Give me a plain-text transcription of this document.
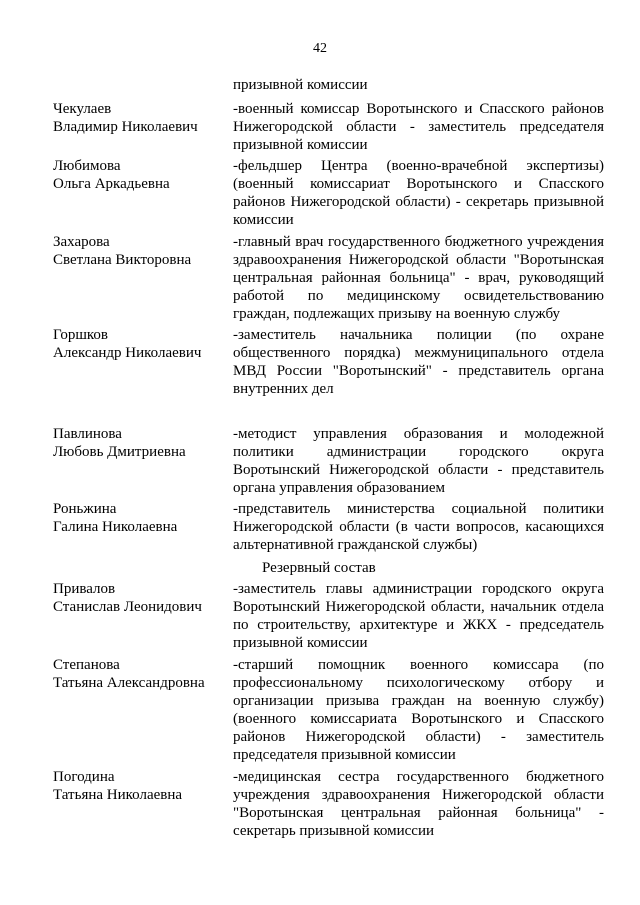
42
призывной комиссии
Чекулаев
Владимир Николаевич
-военный комиссар Воротынского и Спасского районов Нижегородской области - заместитель председателя призывной комиссии
Любимова
Ольга Аркадьевна
-фельдшер Центра (военно-врачебной экспертизы) (военный комиссариат Воротынского и Спасского районов Нижегородской области) - секретарь призывной комиссии
Захарова
Светлана Викторовна
-главный врач государственного бюджетного учреждения здравоохранения Нижегородской области "Воротынская центральная районная больница" - врач, руководящий работой по медицинскому освидетельствованию граждан, подлежащих призыву на военную службу
Горшков
Александр Николаевич
-заместитель начальника полиции (по охране общественного порядка) межмуниципального отдела МВД России "Воротынский" - представитель органа внутренних дел
Павлинова
Любовь Дмитриевна
-методист управления образования и молодежной политики администрации городского округа Воротынский Нижегородской области - представитель органа управления образованием
Роньжина
Галина Николаевна
-представитель министерства социальной политики Нижегородской области (в части вопросов, касающихся альтернативной гражданской службы)
Резервный состав
Привалов
Станислав Леонидович
-заместитель главы администрации городского округа Воротынский Нижегородской области, начальник отдела по строительству, архитектуре и ЖКХ - председатель призывной комиссии
Степанова
Татьяна Александровна
-старший помощник военного комиссара (по профессиональному психологическому отбору и организации призыва граждан на военную службу) (военного комиссариата Воротынского и Спасского районов Нижегородской области) - заместитель председателя призывной комиссии
Погодина
Татьяна Николаевна
-медицинская сестра государственного бюджетного учреждения здравоохранения Нижегородской области "Воротынская центральная районная больница" - секретарь призывной комиссии
